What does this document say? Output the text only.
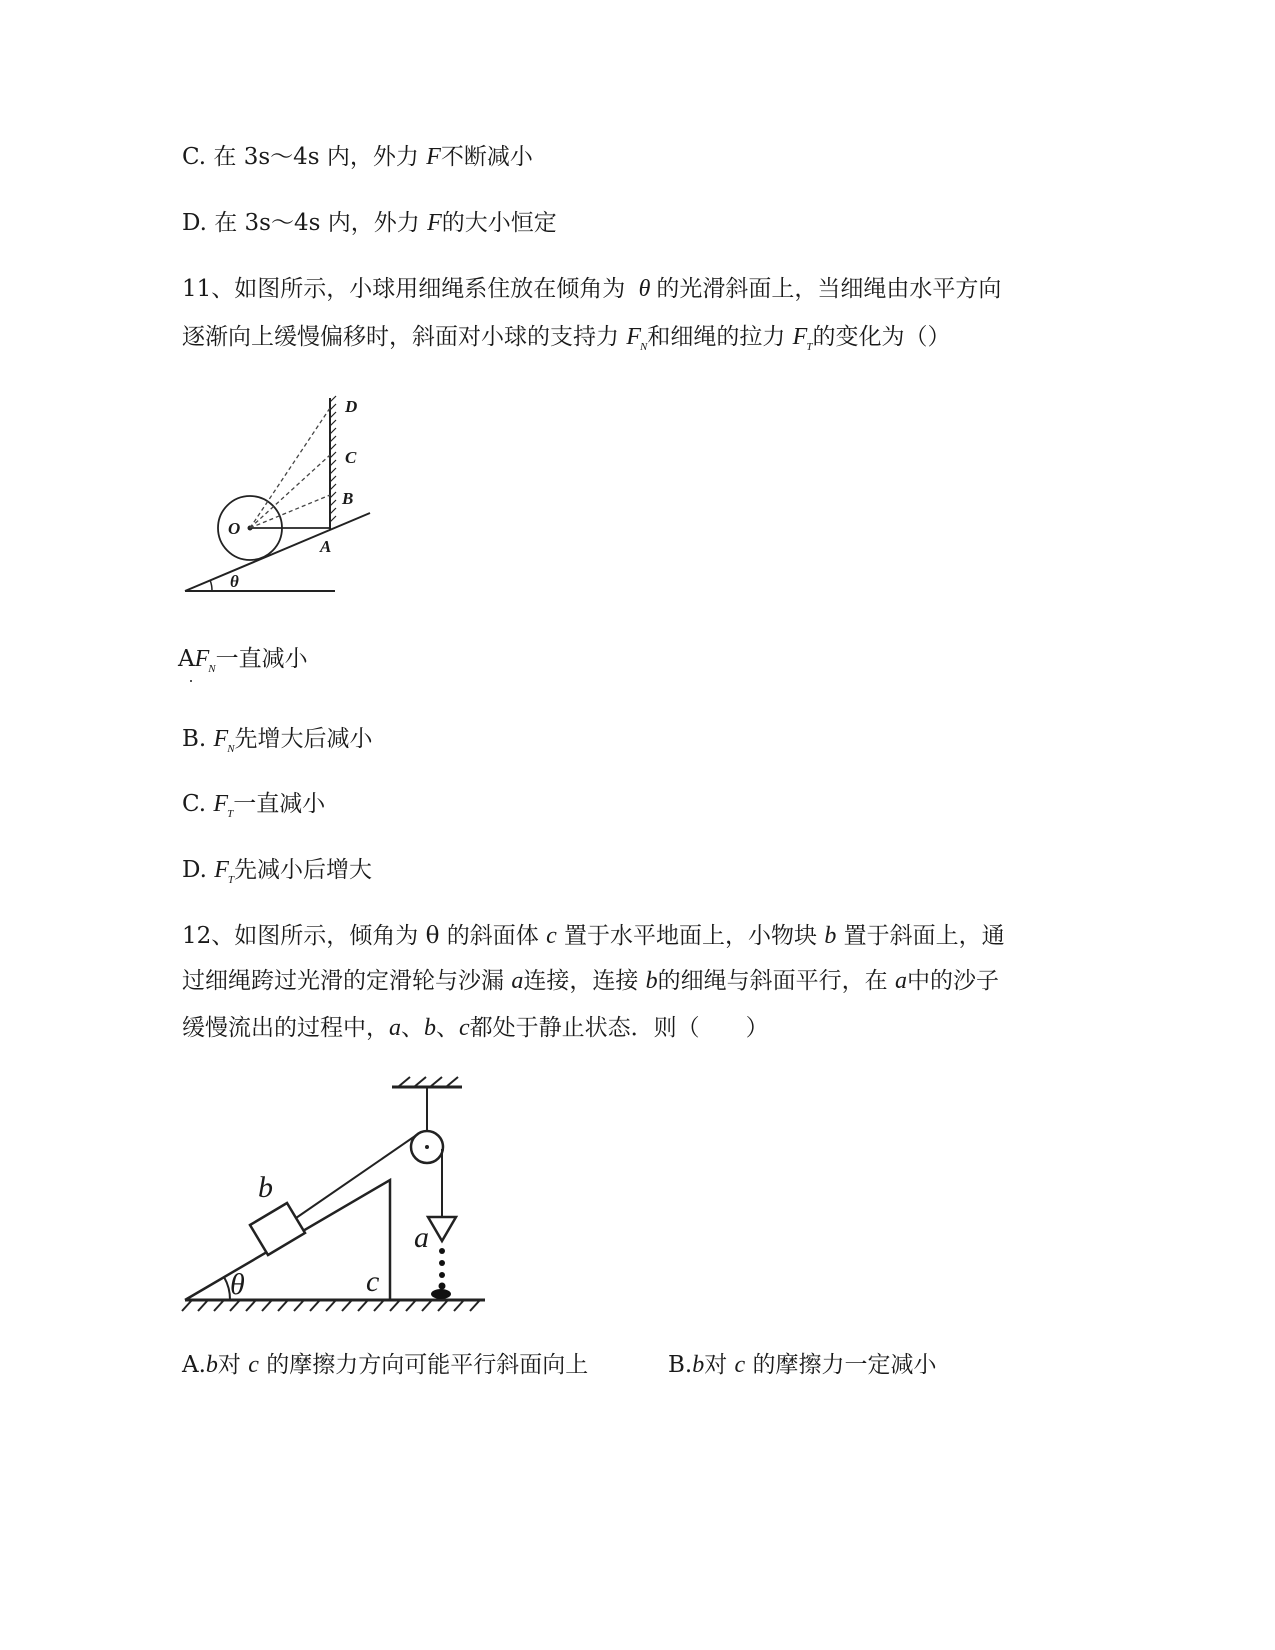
C. 在 3s～4s 内，外力 F不断减小
D. 在 3s～4s 内，外力 F的大小恒定
11、如图所示，小球用细绳系住放在倾角为 θ 的光滑斜面上，当细绳由水平方向
逐渐向上缓慢偏移时，斜面对小球的支持力 $F_N$和细绳的拉力 $F_T$的变化为（）
θ
D
C
B
A
O
$AF_N$一直减小
B. $F_N$先增大后减小
C. $F_T$一直减小
D. $F_T$先减小后增大
12、如图所示，倾角为 θ 的斜面体 c 置于水平地面上，小物块 b 置于斜面上，通
过细绳跨过光滑的定滑轮与沙漏 a连接，连接 b的细绳与斜面平行，在 a中的沙子
缓慢流出的过程中，a、b、c都处于静止状态．则（　　）
θ	c
b
a
A.b对 c 的摩擦力方向可能平行斜面向上	B.b对 c 的摩擦力一定减小
